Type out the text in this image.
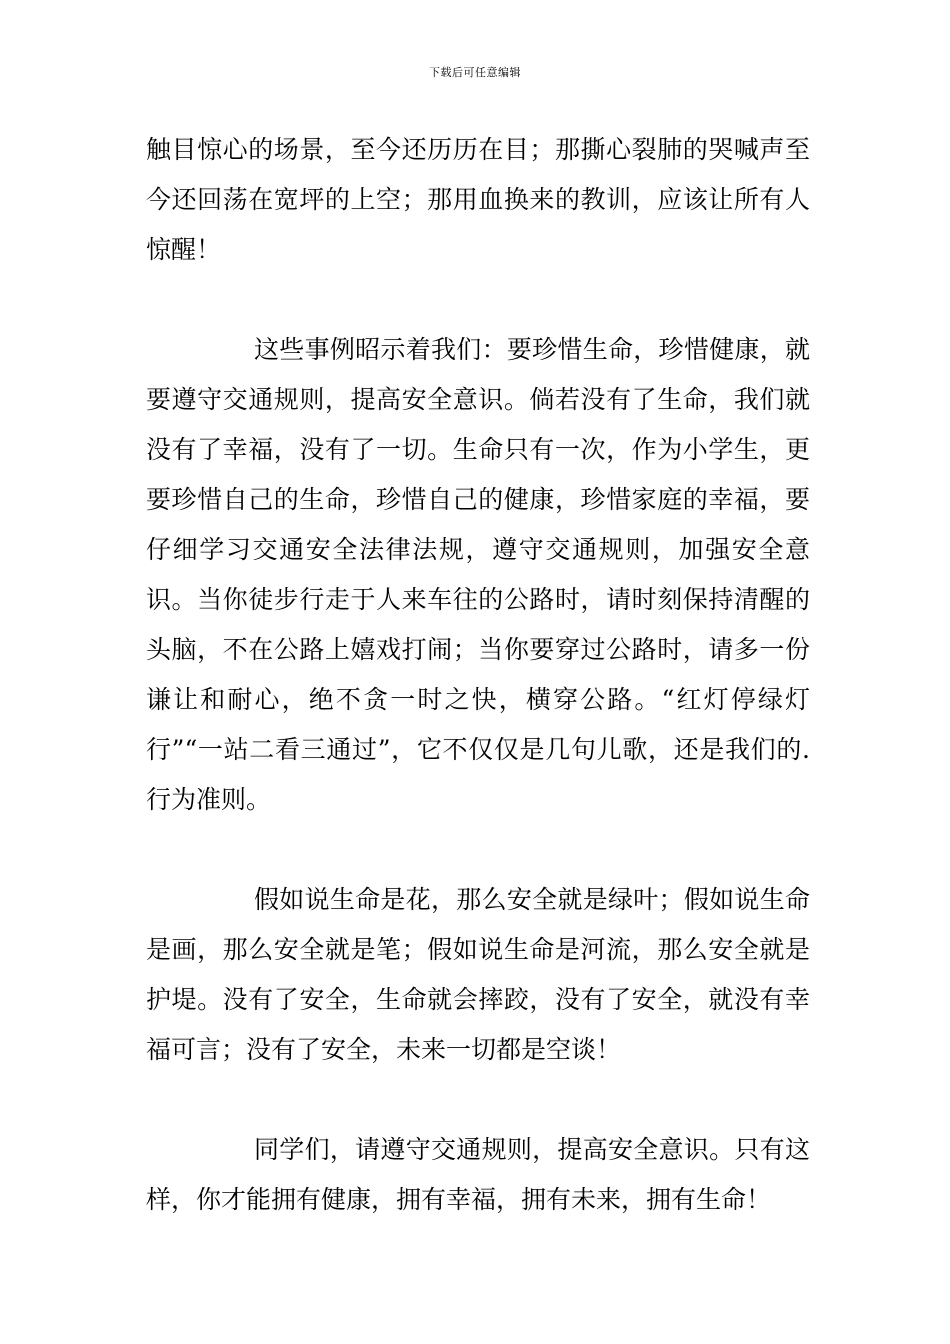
下载后可任意编辑

触目惊心的场景，至今还历历在目；那撕心裂肺的哭喊声至今还回荡在宽坪的上空；那用血换来的教训，应该让所有人惊醒！

这些事例昭示着我们：要珍惜生命，珍惜健康，就要遵守交通规则，提高安全意识。倘若没有了生命，我们就没有了幸福，没有了一切。生命只有一次，作为小学生，更要珍惜自己的生命，珍惜自己的健康，珍惜家庭的幸福，要仔细学习交通安全法律法规，遵守交通规则，加强安全意识。当你徒步行走于人来车往的公路时，请时刻保持清醒的头脑，不在公路上嬉戏打闹；当你要穿过公路时，请多一份谦让和耐心，绝不贪一时之快，横穿公路。“红灯停绿灯行”“一站二看三通过”，它不仅仅是几句儿歌，还是我们的. 行为准则。

假如说生命是花，那么安全就是绿叶；假如说生命是画，那么安全就是笔；假如说生命是河流，那么安全就是护堤。没有了安全，生命就会摔跤，没有了安全，就没有幸福可言；没有了安全，未来一切都是空谈！

同学们，请遵守交通规则，提高安全意识。只有这样，你才能拥有健康，拥有幸福，拥有未来，拥有生命！
